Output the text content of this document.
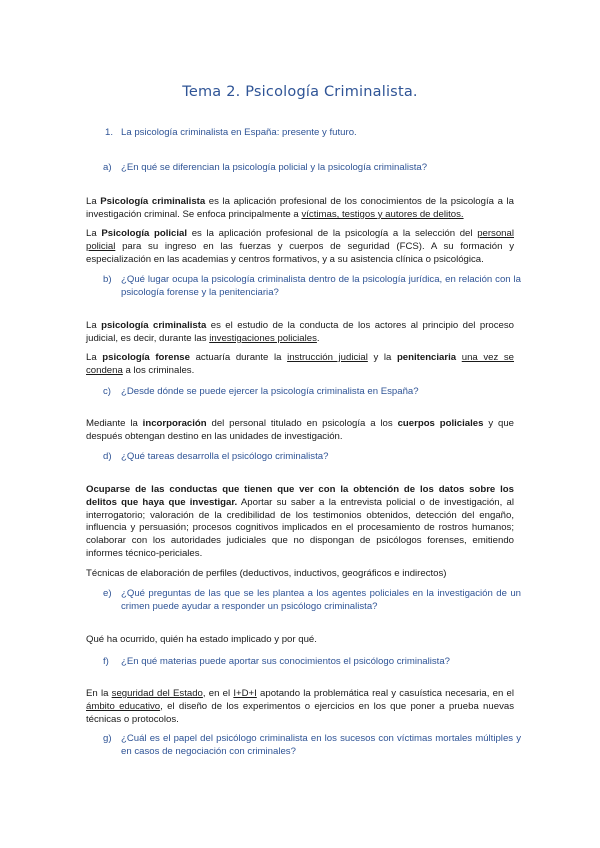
Tema 2. Psicología Criminalista.
1. La psicología criminalista en España: presente y futuro.
a) ¿En qué se diferencian la psicología policial y la psicología criminalista?
La Psicología criminalista es la aplicación profesional de los conocimientos de la psicología a la investigación criminal. Se enfoca principalmente a víctimas, testigos y autores de delitos.
La Psicología policial es la aplicación profesional de la psicología a la selección del personal policial para su ingreso en las fuerzas y cuerpos de seguridad (FCS). A su formación y especialización en las academias y centros formativos, y a su asistencia clínica o psicológica.
b) ¿Qué lugar ocupa la psicología criminalista dentro de la psicología jurídica, en relación con la psicología forense y la penitenciaria?
La psicología criminalista es el estudio de la conducta de los actores al principio del proceso judicial, es decir, durante las investigaciones policiales.
La psicología forense actuaría durante la instrucción judicial y la penitenciaria una vez se condena a los criminales.
c) ¿Desde dónde se puede ejercer la psicología criminalista en España?
Mediante la incorporación del personal titulado en psicología a los cuerpos policiales y que después obtengan destino en las unidades de investigación.
d) ¿Qué tareas desarrolla el psicólogo criminalista?
Ocuparse de las conductas que tienen que ver con la obtención de los datos sobre los delitos que haya que investigar. Aportar su saber a la entrevista policial o de investigación, al interrogatorio; valoración de la credibilidad de los testimonios obtenidos, detección del engaño, influencia y persuasión; procesos cognitivos implicados en el procesamiento de rostros humanos; colaborar con los autoridades judiciales que no dispongan de psicólogos forenses, emitiendo informes técnico-periciales.
Técnicas de elaboración de perfiles (deductivos, inductivos, geográficos e indirectos)
e) ¿Qué preguntas de las que se les plantea a los agentes policiales en la investigación de un crimen puede ayudar a responder un psicólogo criminalista?
Qué ha ocurrido, quién ha estado implicado y por qué.
f) ¿En qué materias puede aportar sus conocimientos el psicólogo criminalista?
En la seguridad del Estado, en el I+D+I apotando la problemática real y casuística necesaria, en el ámbito educativo, el diseño de los experimentos o ejercicios en los que poner a prueba nuevas técnicas o protocolos.
g) ¿Cuál es el papel del psicólogo criminalista en los sucesos con víctimas mortales múltiples y en casos de negociación con criminales?
